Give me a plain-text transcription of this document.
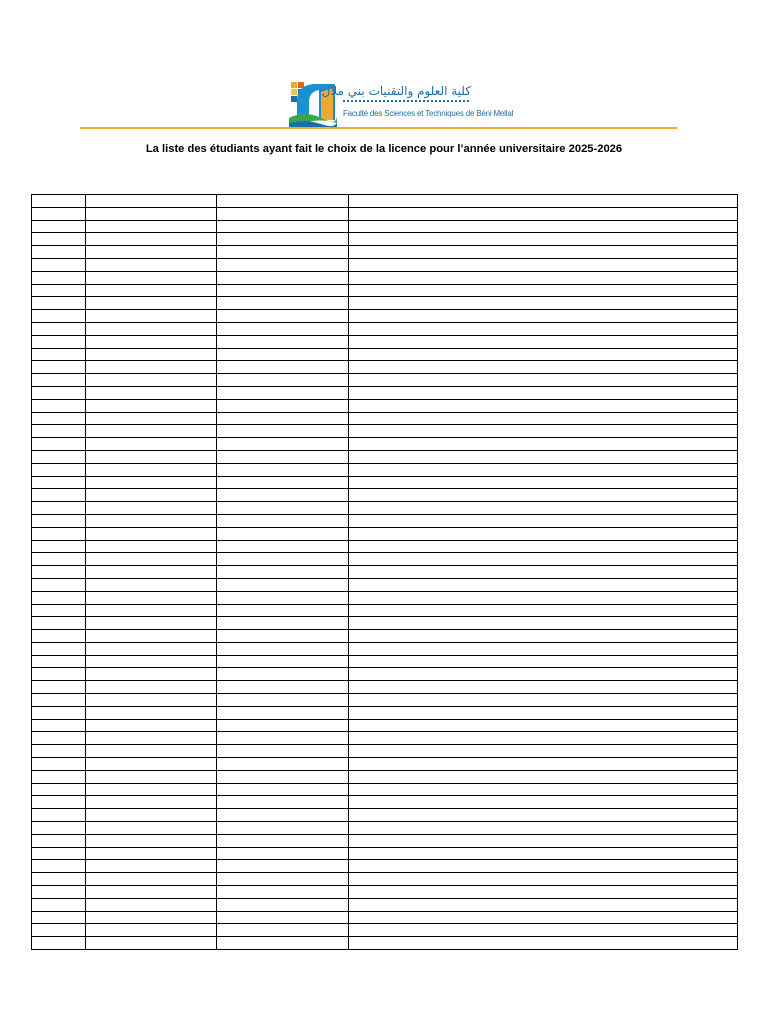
كلية العلوم والتقنيات بني ملال
Faculté des Sciences et Techniques de Béni Mellal
La liste des étudiants ayant fait le choix de la licence pour l’année universitaire 2025-2026
